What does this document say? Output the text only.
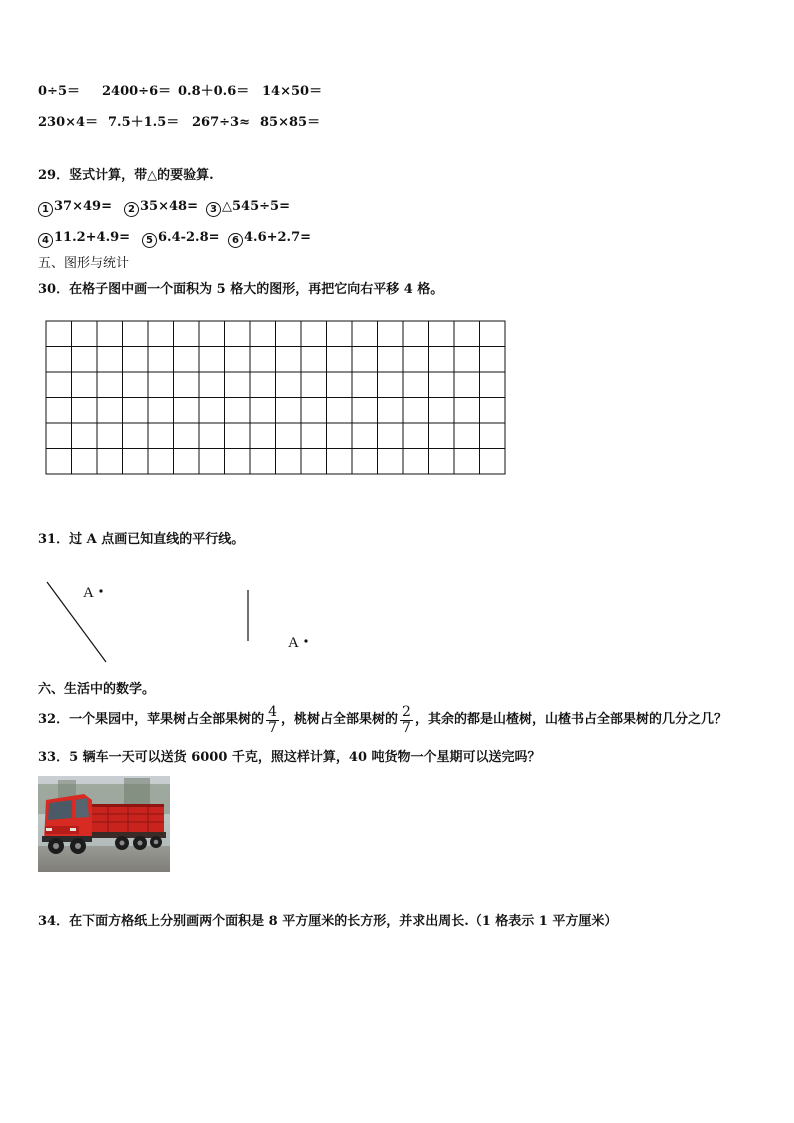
0÷5＝ 2400÷6＝ 0.8＋0.6＝ 14×50＝
230×4＝ 7.5＋1.5＝ 267÷3≈ 85×85＝
29．竖式计算，带△的要验算.
1 37×49=	2 35×48=	3 △545÷5=
4 11.2+4.9=	5 6.4-2.8=	6 4.6+2.7=
五、图形与统计
30．在格子图中画一个面积为 5 格大的图形，再把它向右平移 4 格。
31．过 A 点画已知直线的平行线。
A
A
六、生活中的数学。
32．一个果园中，苹果树占全部果树的 $\frac{4}{7}$ ，桃树占全部果树的 $\frac{2}{7}$ ，其余的都是山楂树，山楂书占全部果树的几分之几？
33．5 辆车一天可以送货 6000 千克，照这样计算，40 吨货物一个星期可以送完吗？
34．在下面方格纸上分别画两个面积是 8 平方厘米的长方形，并求出周长.（1 格表示 1 平方厘米）
